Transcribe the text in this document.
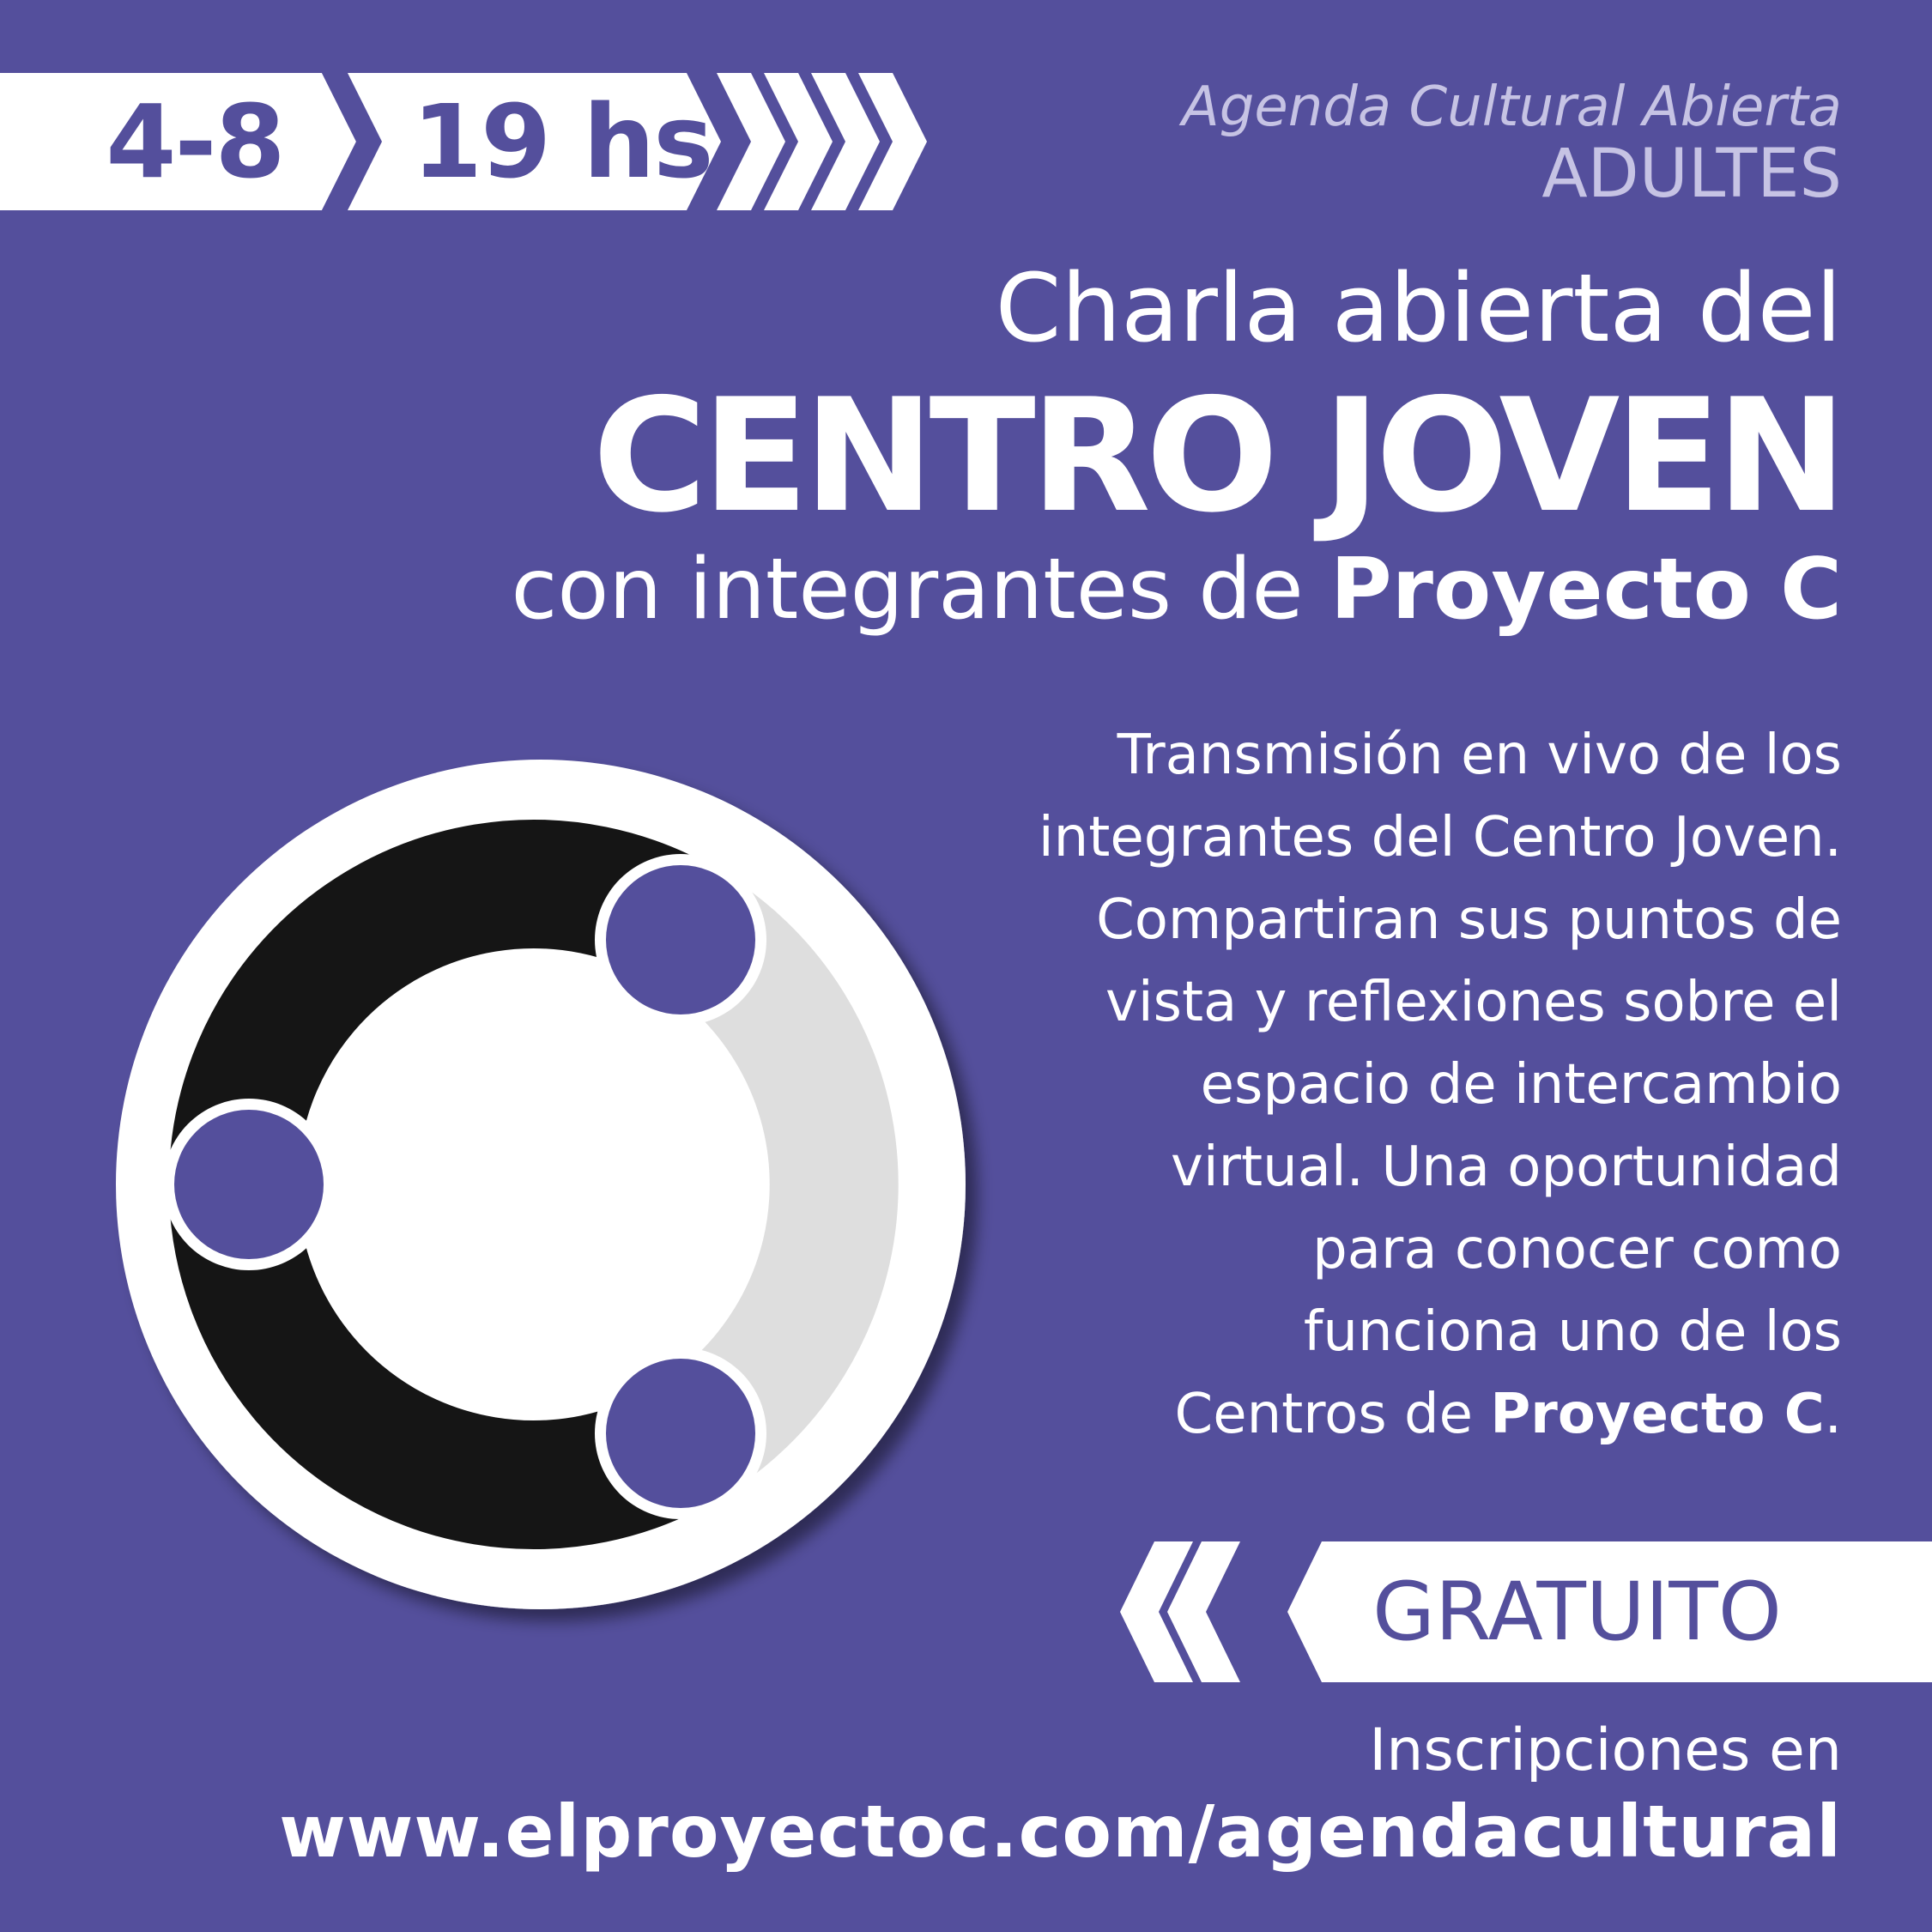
4-8 19 hs	Agenda Cultural Abierta
ADULTES
Charla abierta del
CENTRO JOVEN
con integrantes de Proyecto C
Transmisión en vivo de los
integrantes del Centro Joven.
Compartiran sus puntos de
vista y reflexiones sobre el
espacio de intercambio
virtual. Una oportunidad
para conocer como
funciona uno de los
Centros de Proyecto C.
GRATUITO
Inscripciones en
www.elproyectoc.com/agendacultural
